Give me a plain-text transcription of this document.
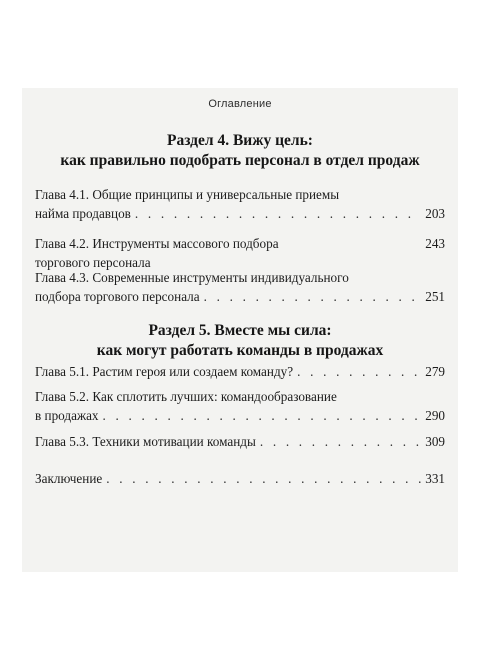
Оглавление
Раздел 4. Вижу цель:
как правильно подобрать персонал в отдел продаж
Глава 4.1. Общие принципы и универсальные приемы
найма продавцов . . .	203
Глава 4.2. Инструменты массового подбора
торгового персонала
243
Глава 4.3. Современные инструменты индивидуального
подбора торгового персонала . . .	251
Раздел 5. Вместе мы сила:
как могут работать команды в продажах
Глава 5.1. Растим героя или создаем команду? . . .	279
Глава 5.2. Как сплотить лучших: командообразование
в продажах . . .	290
Глава 5.3. Техники мотивации команды . . .	309
Заключение . . .	331
